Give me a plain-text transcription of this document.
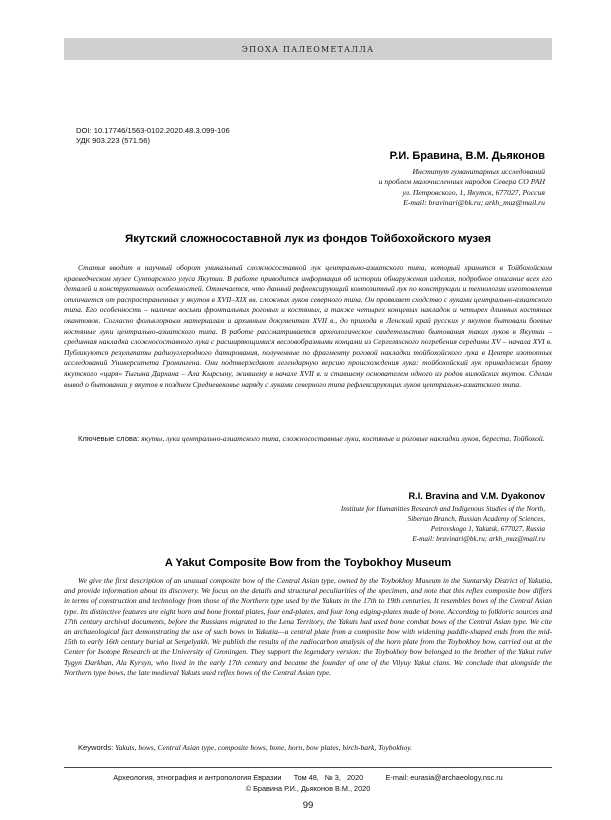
ЭПОХА ПАЛЕОМЕТАЛЛА
DOI: 10.17746/1563-0102.2020.48.3.099-106
УДК 903.223 (571.56)
Р.И. Бравина, В.М. Дьяконов
Институт гуманитарных исследований
и проблем малочисленных народов Севера СО РАН
ул. Петровского, 1, Якутск, 677027, Россия
E-mail: bravinari@bk.ru; arkh_muz@mail.ru
Якутский сложносоставной лук из фондов Тойбохойского музея

Статья вводит в научный оборот уникальный сложносоставной лук центрально-азиатского типа, который хранится в Тойбохойском краеведческом музее Сунтарского улуса Якутии. В работе приводится информация об истории обнаружения изделия, подробное описание всех его деталей и конструктивных особенностей. Отмечается, что данный рефлексирующий композитный лук по конструкции и технологии изготовления отличается от распространенных у якутов в XVII–XIX вв. сложных луков северного типа. Он проявляет сходство с луками центрально-азиатского типа. Его особенность – наличие восьми фронтальных роговых и костяных, а также четырех концевых накладок и четырех длинных костяных окантовок. Согласно фольклорным материалам и архивным документам XVII в., до прихода в Ленский край русских у якутов бытовали боевые костяные луки центрально-азиатского типа. В работе рассматривается археологическое свидетельство бытования таких луков в Якутии – срединная накладка сложносоставного лука с расширяющимися весловобразными концами из Сергеляхского погребения середины XV – начала XVI в. Публикуются результаты радиоуглеродного датирования, полученные по фрагменту роговой накладки тойбохойского лука в Центре изотопных исследований Университета Гронингена. Они подтверждают легендарную версию происхождения лука: тойбохойский лук принадлежал брату якутского «царя» Тыгына Дархана – Ала Кырсыну, жившему в начале XVII в. и ставшему основателем одного из родов вилюйских якутов. Сделан вывод о бытовании у якутов в позднем Средневековье наряду с луками северного типа рефлексирующих луков центрально-азиатского типа.

Ключевые слова: якуты, луки центрально-азиатского типа, сложносоставные луки, костяные и роговые накладки луков, береста, Тойбохой.

R.I. Bravina and V.M. Dyakonov
Institute for Humanities Research and Indigenous Studies of the North,
Siberian Branch, Russian Academy of Sciences,
Petrovskogo 1, Yakutsk, 677027, Russia
E-mail: bravinari@bk.ru; arkh_muz@mail.ru
A Yakut Composite Bow from the Toybokhoy Museum

We give the first description of an unusual composite bow of the Central Asian type, owned by the Toybokhoy Museum in the Suntarsky District of Yakutia, and provide information about its discovery. We focus on the details and structural peculiarities of the specimen, and note that this reflex composite bow differs in terms of construction and technology from those of the Northern type used by the Yakuts in the 17th to 19th centuries. It resembles bows of the Central Asian type. Its distinctive features are eight horn and bone frontal plates, four end-plates, and four long edging-plates made of bone. According to folkloric sources and 17th century archival documents, before the Russians migrated to the Lena Territory, the Yakuts had used bone combat bows of the Central Asian type. We cite an archaeological fact demonstrating the use of such bows in Yakutia—a central plate from a composite bow with widening paddle-shaped ends from the mid-15th to early 16th century burial at Sergelyakh. We publish the results of the radiocarbon analysis of the horn plate from the Toybokhoy bow, carried out at the Center for Isotope Research at the University of Groningen. They support the legendary version: the Toybokhoy bow belonged to the brother of the Yakut ruler Tygyn Darkhan, Ala Kyrsyn, who lived in the early 17th century and became the founder of one of the Vilyuy Yakut clans. We conclude that alongside the Northern type bows, the late medieval Yakuts used reflex bows of the Central Asian type.

Keywords: Yakuts, bows, Central Asian type, composite bows, bone, horn, bow plates, birch-bark, Toybokhoy.

Археология, этнография и антропология Евразии Том 48, № 3, 2020	E-mail: eurasia@archaeology.nsc.ru
© Бравина Р.И., Дьяконов В.М., 2020
99
